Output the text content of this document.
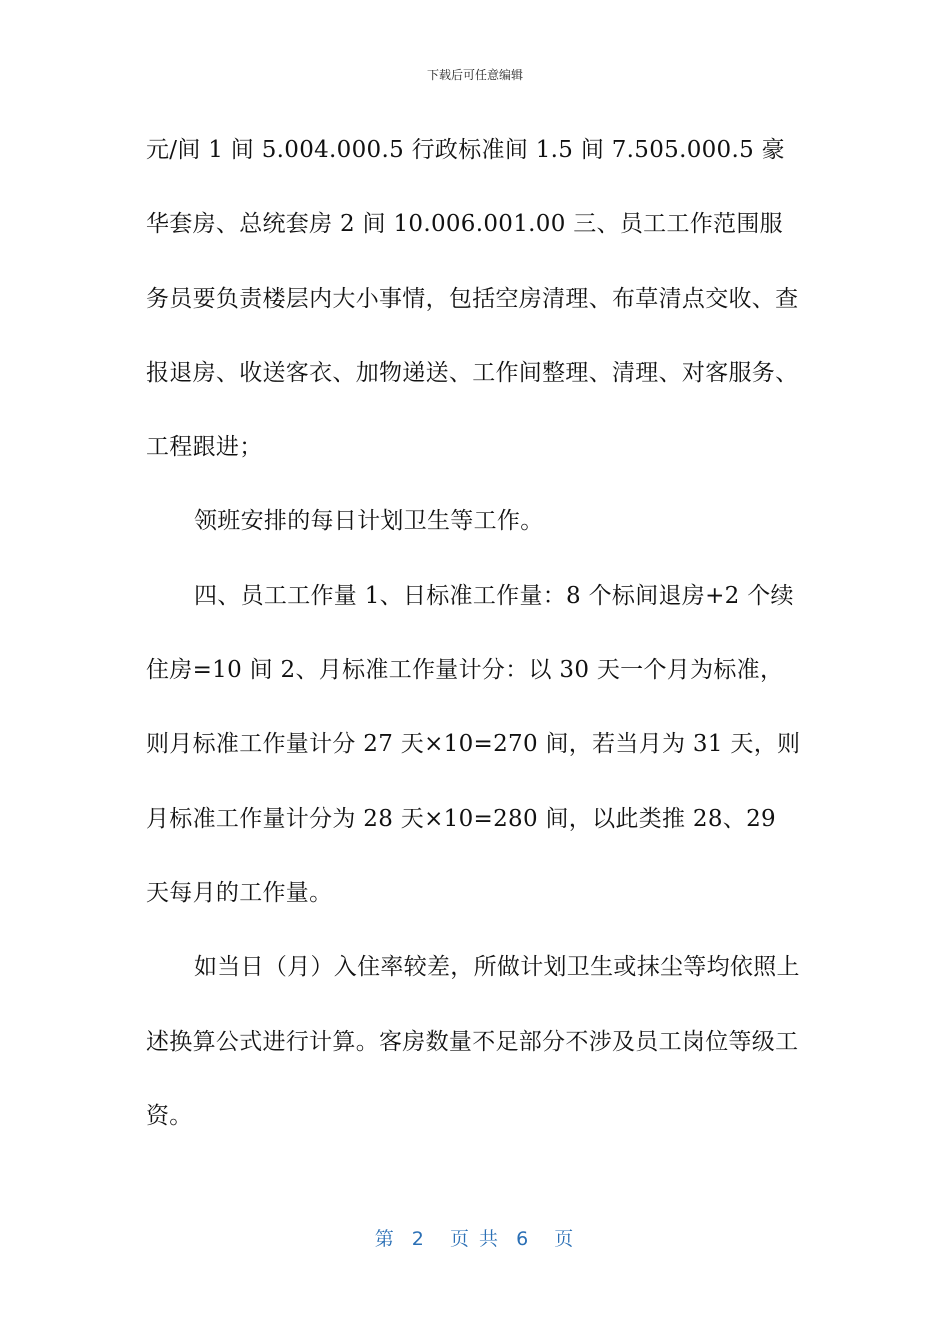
下载后可任意编辑

元/间 1 间 5.004.000.5 行政标准间 1.5 间 7.505.000.5 豪华套房、总统套房 2 间 10.006.001.00 三、员工工作范围服务员要负责楼层内大小事情，包括空房清理、布草清点交收、查报退房、收送客衣、加物递送、工作间整理、清理、对客服务、工程跟进；

领班安排的每日计划卫生等工作。

四、员工工作量 1、日标准工作量：8 个标间退房+2 个续住房=10 间 2、月标准工作量计分：以 30 天一个月为标准，则月标准工作量计分 27 天×10=270 间，若当月为 31 天，则月标准工作量计分为 28 天×10=280 间，以此类推 28、29 天每月的工作量。

如当日（月）入住率较差，所做计划卫生或抹尘等均依照上述换算公式进行计算。客房数量不足部分不涉及员工岗位等级工资。

第  2   页 共  6   页
